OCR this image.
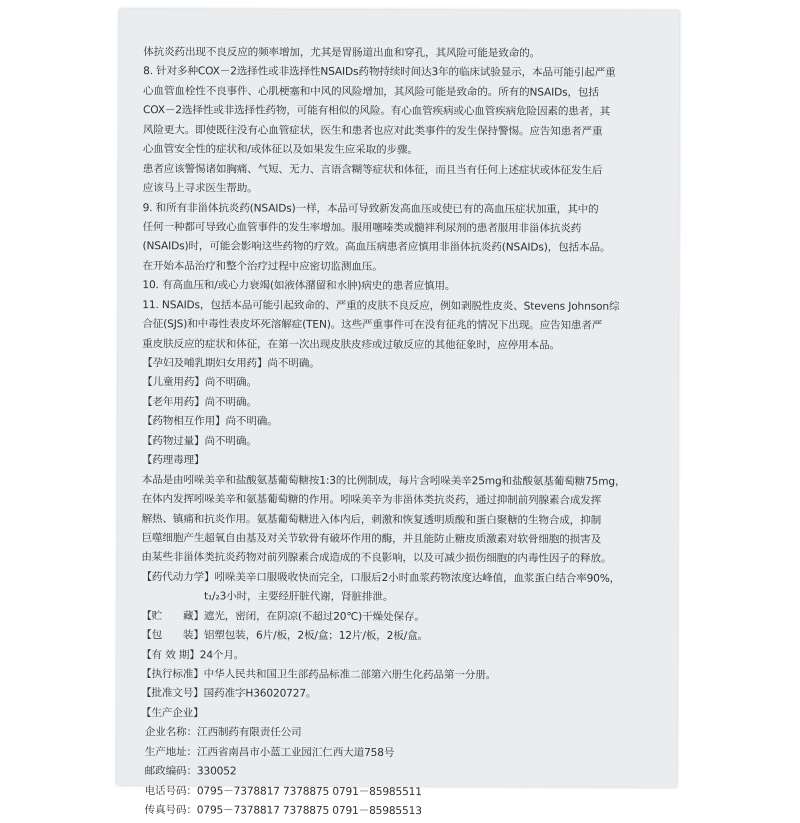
体抗炎药出现不良反应的频率增加，尤其是胃肠道出血和穿孔，其风险可能是致命的。
8. 针对多种COX－2选择性或非选择性NSAIDs药物持续时间达3年的临床试验显示，本品可能引起严重
心血管血栓性不良事件、心肌梗塞和中风的风险增加，其风险可能是致命的。所有的NSAIDs，包括
COX－2选择性或非选择性药物，可能有相似的风险。有心血管疾病或心血管疾病危险因素的患者，其
风险更大。即使既往没有心血管症状，医生和患者也应对此类事件的发生保持警惕。应告知患者严重
心血管安全性的症状和/或体征以及如果发生应采取的步骤。
患者应该警惕诸如胸痛、气短、无力、言语含糊等症状和体征，而且当有任何上述症状或体征发生后
应该马上寻求医生帮助。
9. 和所有非甾体抗炎药(NSAIDs)一样，本品可导致新发高血压或使已有的高血压症状加重，其中的
任何一种都可导致心血管事件的发生率增加。服用噻嗪类或髓袢利尿剂的患者服用非甾体抗炎药
(NSAIDs)时，可能会影响这些药物的疗效。高血压病患者应慎用非甾体抗炎药(NSAIDs)，包括本品。
在开始本品治疗和整个治疗过程中应密切监测血压。
10. 有高血压和/或心力衰竭(如液体潴留和水肿)病史的患者应慎用。
11. NSAIDs，包括本品可能引起致命的、严重的皮肤不良反应，例如剥脱性皮炎、Stevens Johnson综
合征(SJS)和中毒性表皮坏死溶解症(TEN)。这些严重事件可在没有征兆的情况下出现。应告知患者严
重皮肤反应的症状和体征，在第一次出现皮肤皮疹或过敏反应的其他征象时，应停用本品。
【孕妇及哺乳期妇女用药】尚不明确。
【儿童用药】尚不明确。
【老年用药】尚不明确。
【药物相互作用】尚不明确。
【药物过量】尚不明确。
【药理毒理】
本品是由吲哚美辛和盐酸氨基葡萄糖按1:3的比例制成，每片含吲哚美辛25mg和盐酸氨基葡萄糖75mg，
在体内发挥吲哚美辛和氨基葡萄糖的作用。吲哚美辛为非甾体类抗炎药，通过抑制前列腺素合成发挥
解热、镇痛和抗炎作用。氨基葡萄糖进入体内后，刺激和恢复透明质酸和蛋白聚糖的生物合成，抑制
巨噬细胞产生超氧自由基及对关节软骨有破坏作用的酶，并且能防止糖皮质激素对软骨细胞的损害及
由某些非甾体类抗炎药物对前列腺素合成造成的不良影响，以及可减少损伤细胞的内毒性因子的释放。
【药代动力学】吲哚美辛口服吸收快而完全，口服后2小时血浆药物浓度达峰值，血浆蛋白结合率90%，
　　　　　　t₁/₂3小时，主要经肝脏代谢，肾脏排泄。
【贮　　藏】遮光，密闭，在阴凉(不超过20℃)干燥处保存。
【包　　装】铝塑包装，6片/板，2板/盒；12片/板，2板/盒。
【有 效 期】24个月。
【执行标准】中华人民共和国卫生部药品标准二部第六册生化药品第一分册。
【批准文号】国药准字H36020727。
【生产企业】
企业名称：江西制药有限责任公司
生产地址：江西省南昌市小蓝工业园汇仁西大道758号
邮政编码：330052
电话号码：0795－7378817 7378875 0791－85985511
传真号码：0795－7378817 7378875 0791－85985513
